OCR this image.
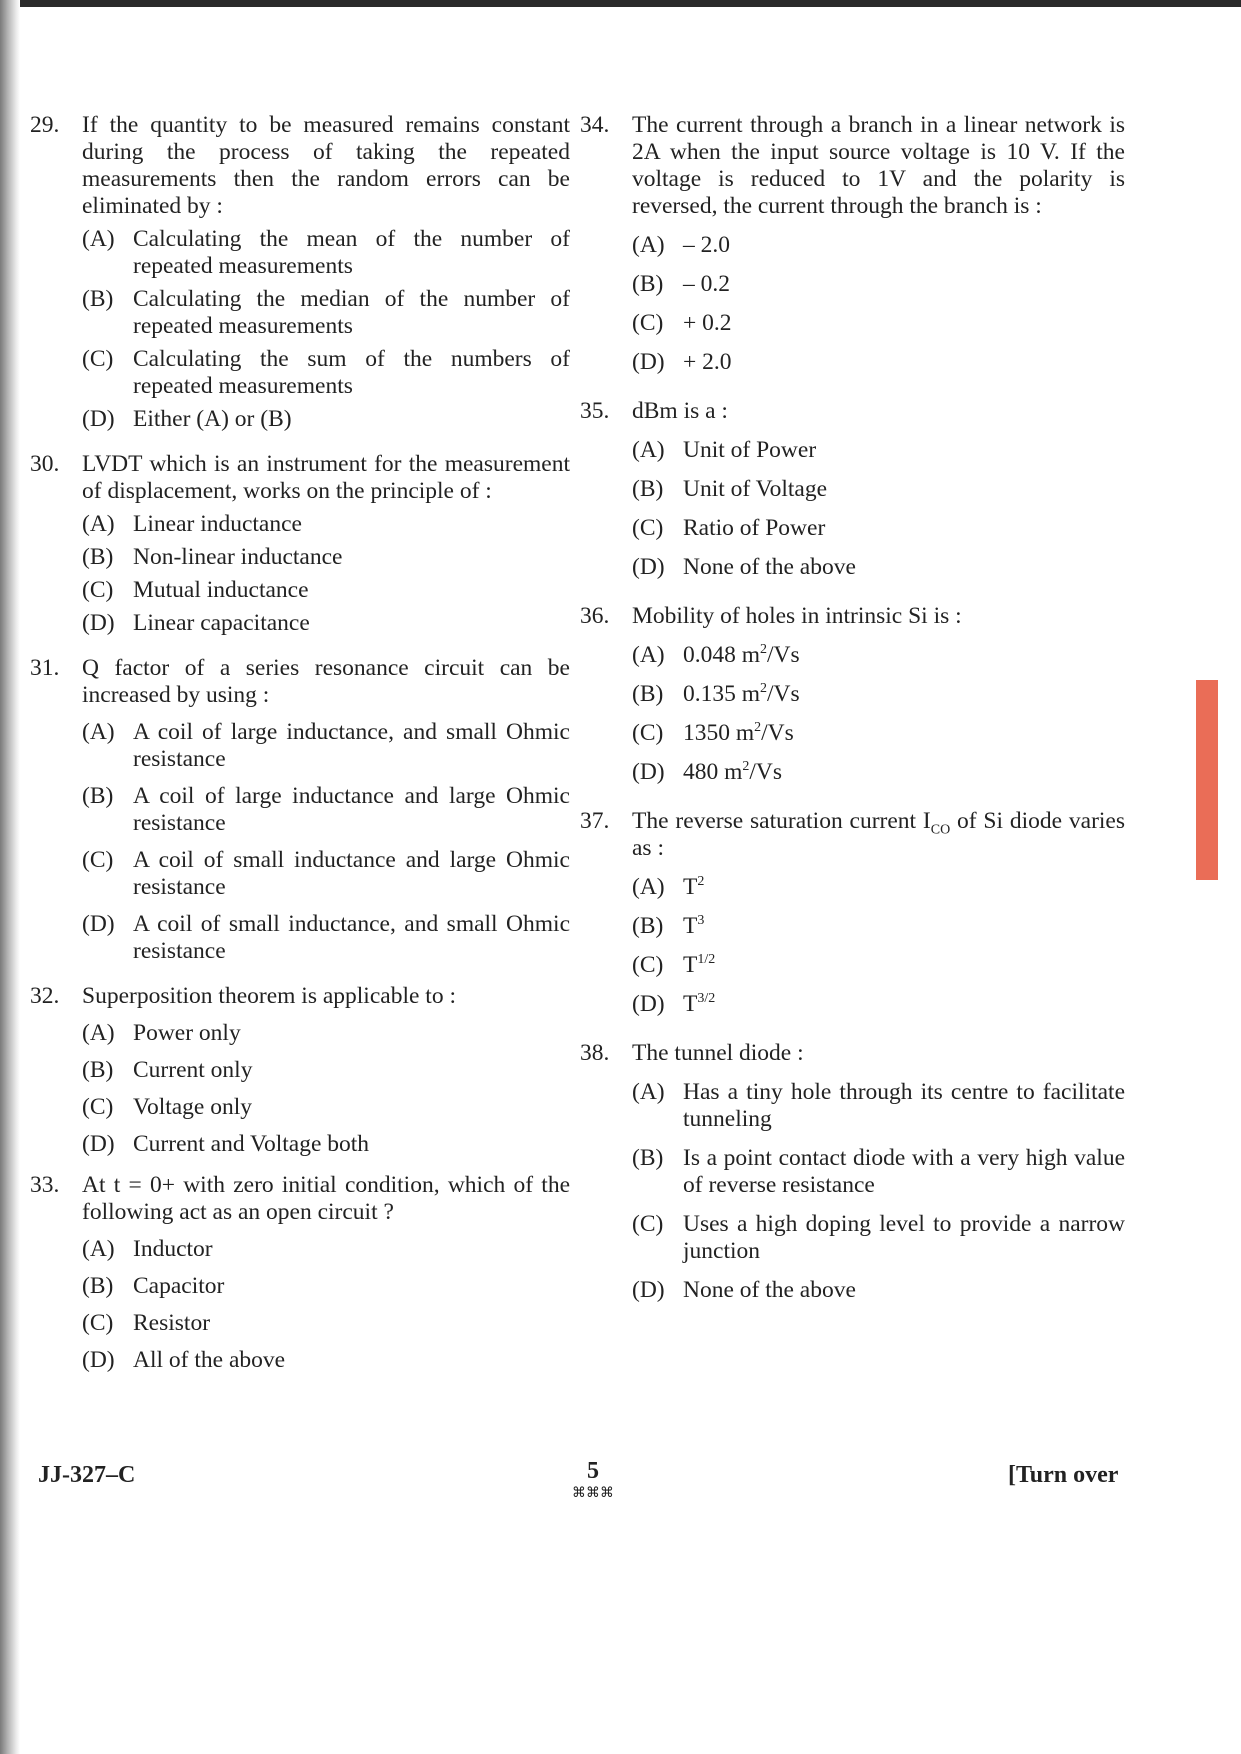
29. If the quantity to be measured remains constant during the process of taking the repeated measurements then the random errors can be eliminated by :
(A) Calculating the mean of the number of repeated measurements
(B) Calculating the median of the number of repeated measurements
(C) Calculating the sum of the numbers of repeated measurements
(D) Either (A) or (B)
30. LVDT which is an instrument for the measurement of displacement, works on the principle of :
(A) Linear inductance
(B) Non-linear inductance
(C) Mutual inductance
(D) Linear capacitance
31. Q factor of a series resonance circuit can be increased by using :
(A) A coil of large inductance, and small Ohmic resistance
(B) A coil of large inductance and large Ohmic resistance
(C) A coil of small inductance and large Ohmic resistance
(D) A coil of small inductance, and small Ohmic resistance
32. Superposition theorem is applicable to :
(A) Power only
(B) Current only
(C) Voltage only
(D) Current and Voltage both
33. At t = 0+ with zero initial condition, which of the following act as an open circuit ?
(A) Inductor
(B) Capacitor
(C) Resistor
(D) All of the above
34. The current through a branch in a linear network is 2A when the input source voltage is 10 V. If the voltage is reduced to 1V and the polarity is reversed, the current through the branch is :
(A) – 2.0
(B) – 0.2
(C) + 0.2
(D) + 2.0
35. dBm is a :
(A) Unit of Power
(B) Unit of Voltage
(C) Ratio of Power
(D) None of the above
36. Mobility of holes in intrinsic Si is :
(A) 0.048 $m^2/Vs$
(B) 0.135 $m^2/Vs$
(C) 1350 $m^2/Vs$
(D) 480 $m^2/Vs$
37. The reverse saturation current $I_{CO}$ of Si diode varies as :
(A) $T^2$
(B) $T^3$
(C) $T^{1/2}$
(D) $T^{3/2}$
38. The tunnel diode :
(A) Has a tiny hole through its centre to facilitate tunneling
(B) Is a point contact diode with a very high value of reverse resistance
(C) Uses a high doping level to provide a narrow junction
(D) None of the above
JJ-327–C	5
⌘⌘⌘
[Turn over
